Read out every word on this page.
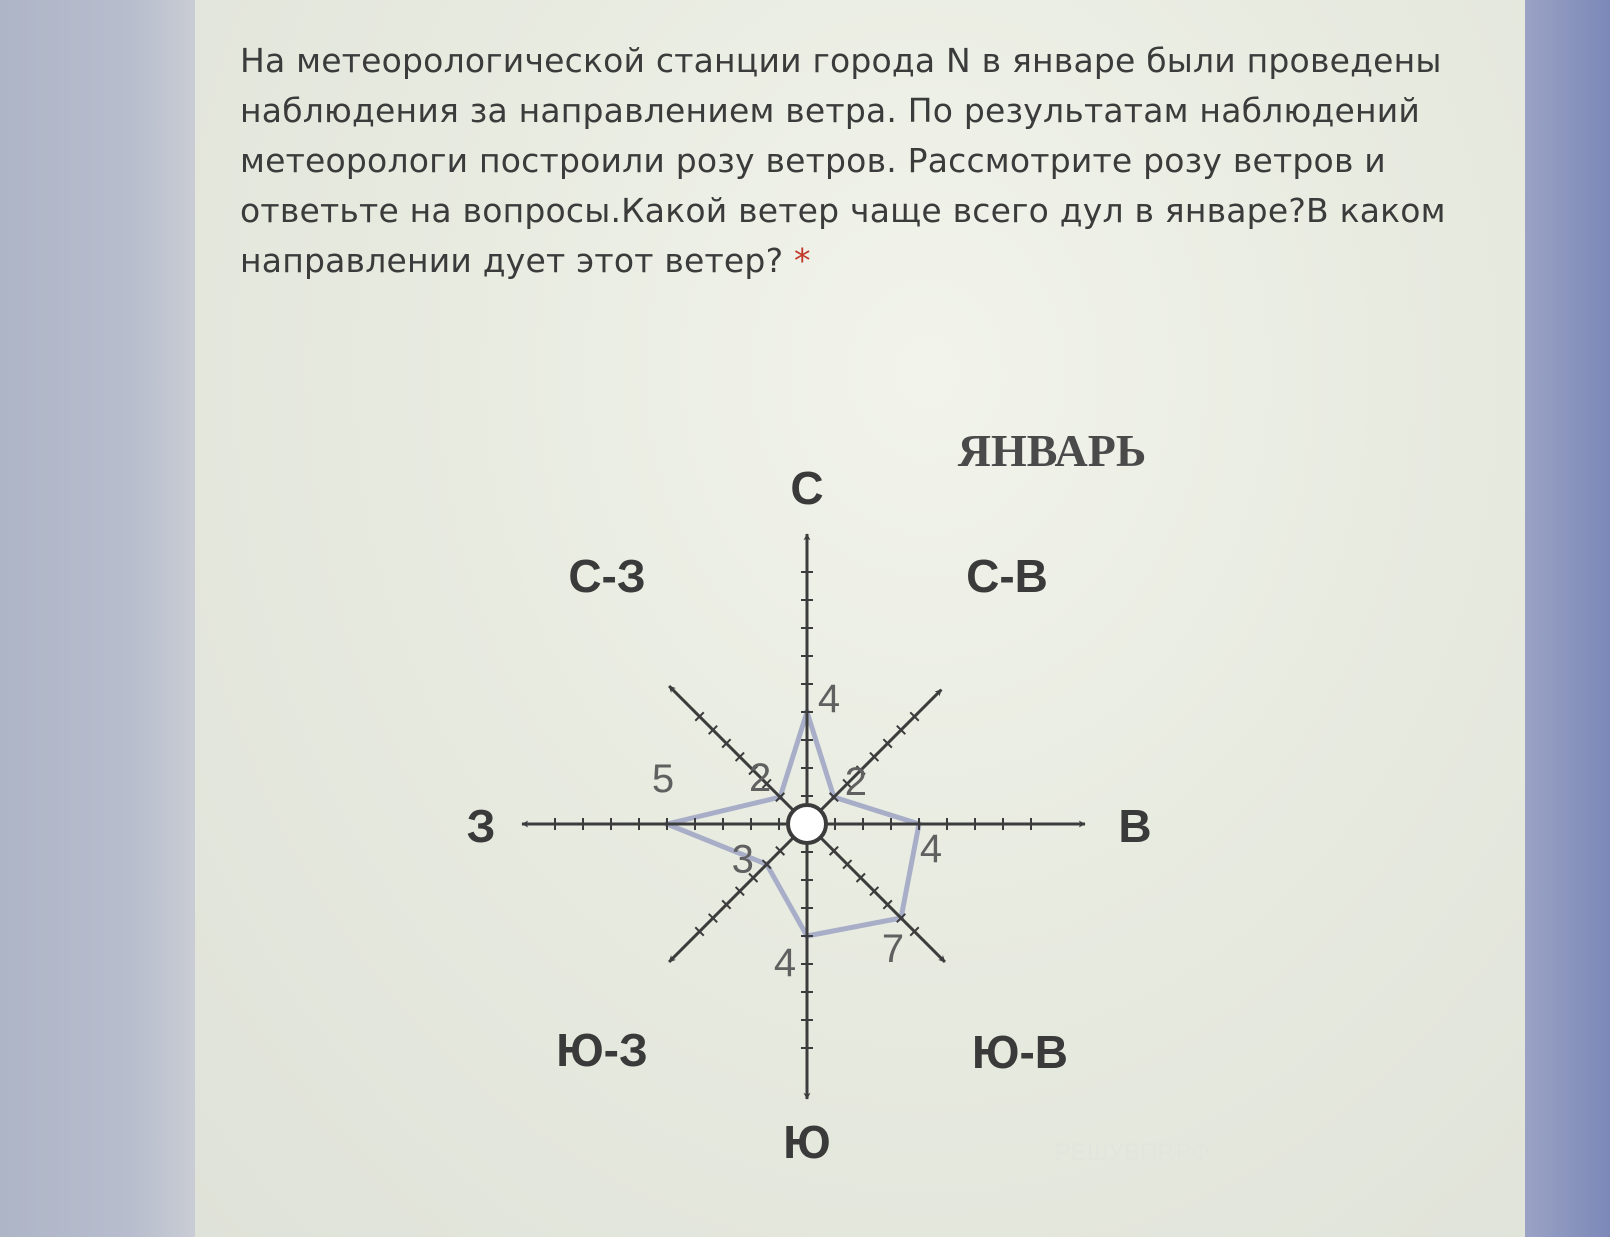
На метеорологической станции города N в январе были проведены наблюдения за направлением ветра. По результатам наблюдений метеорологи построили розу ветров. Рассмотрите розу ветров и ответьте на вопросы.Какой ветер чаще всего дул в январе?В каком направлении дует этот ветер? *

ЯНВАРЬ
РЕШУВПР.РФ
С
4
С-В
2
В
4
Ю-В
7
Ю
4
Ю-З
3
З
5
С-З
2
